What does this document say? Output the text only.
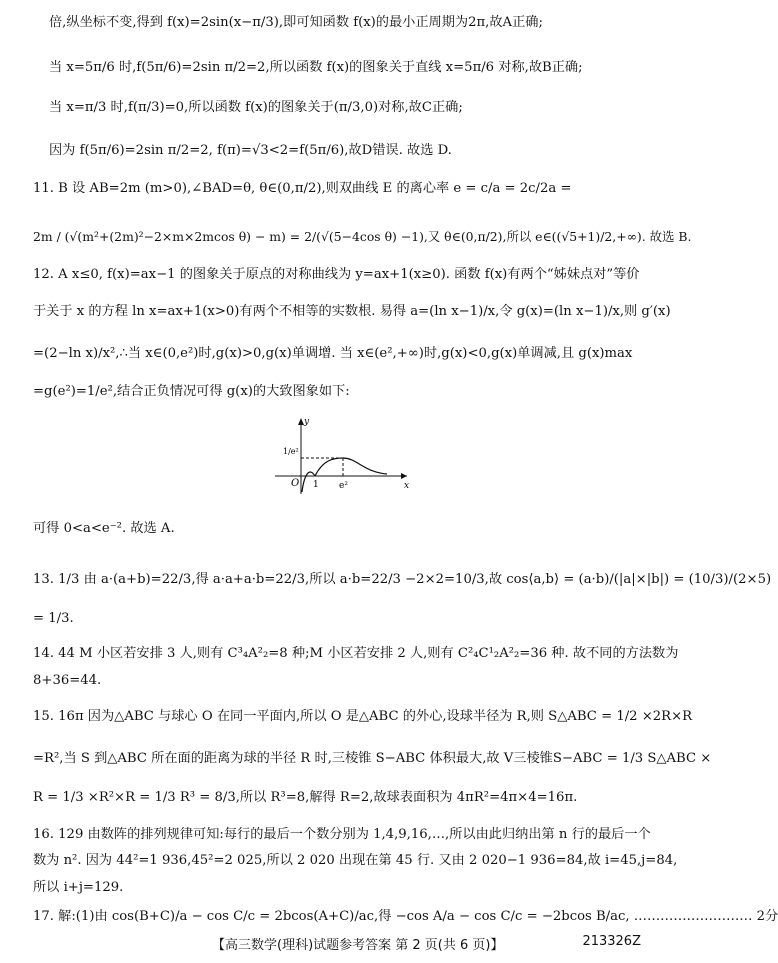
倍,纵坐标不变,得到 f(x)=2sin(x−π/3),即可知函数 f(x)的最小正周期为2π,故A正确;
当 x=5π/6 时,f(5π/6)=2sin π/2=2,所以函数 f(x)的图象关于直线 x=5π/6 对称,故B正确;
当 x=π/3 时,f(π/3)=0,所以函数 f(x)的图象关于(π/3,0)对称,故C正确;
因为 f(5π/6)=2sin π/2=2, f(π)=√3<2=f(5π/6),故D错误. 故选 D.
11. B 设 AB=2m (m>0),∠BAD=θ, θ∈(0,π/2),则双曲线 E 的离心率 e = c/a = 2c/2a =
2m / (√(m²+(2m)²−2×m×2mcos θ) − m) = 2/(√(5−4cos θ) −1),又 θ∈(0,π/2),所以 e∈((√5+1)/2,+∞). 故选 B.
12. A x≤0, f(x)=ax−1 的图象关于原点的对称曲线为 y=ax+1(x≥0). 函数 f(x)有两个“姊妹点对”等价
于关于 x 的方程 ln x=ax+1(x>0)有两个不相等的实数根. 易得 a=(ln x−1)/x,令 g(x)=(ln x−1)/x,则 g′(x)
=(2−ln x)/x²,∴当 x∈(0,e²)时,g(x)>0,g(x)单调增. 当 x∈(e²,+∞)时,g(x)<0,g(x)单调减,且 g(x)max
=g(e²)=1/e²,结合正负情况可得 g(x)的大致图象如下:
y
x
O
1/e²
1 e²
可得 0<a<e⁻². 故选 A.
13. 1/3 由 a·(a+b)=22/3,得 a·a+a·b=22/3,所以 a·b=22/3 −2×2=10/3,故 cos⟨a,b⟩ = (a·b)/(|a|×|b|) = (10/3)/(2×5)
= 1/3.
14. 44 M 小区若安排 3 人,则有 C³₄A²₂=8 种;M 小区若安排 2 人,则有 C²₄C¹₂A²₂=36 种. 故不同的方法数为
8+36=44.
15. 16π 因为△ABC 与球心 O 在同一平面内,所以 O 是△ABC 的外心,设球半径为 R,则 S△ABC = 1/2 ×2R×R
=R²,当 S 到△ABC 所在面的距离为球的半径 R 时,三棱锥 S−ABC 体积最大,故 V三棱锥S−ABC = 1/3 S△ABC ×
R = 1/3 ×R²×R = 1/3 R³ = 8/3,所以 R³=8,解得 R=2,故球表面积为 4πR²=4π×4=16π.
16. 129 由数阵的排列规律可知:每行的最后一个数分别为 1,4,9,16,…,所以由此归纳出第 n 行的最后一个
数为 n². 因为 44²=1 936,45²=2 025,所以 2 020 出现在第 45 行. 又由 2 020−1 936=84,故 i=45,j=84,
所以 i+j=129.
17. 解:(1)由 cos(B+C)/a − cos C/c = 2bcos(A+C)/ac,得 −cos A/a − cos C/c = −2bcos B/ac, ……………………… 2分
【高三数学(理科)试题参考答案 第 2 页(共 6 页)】	213326Z
